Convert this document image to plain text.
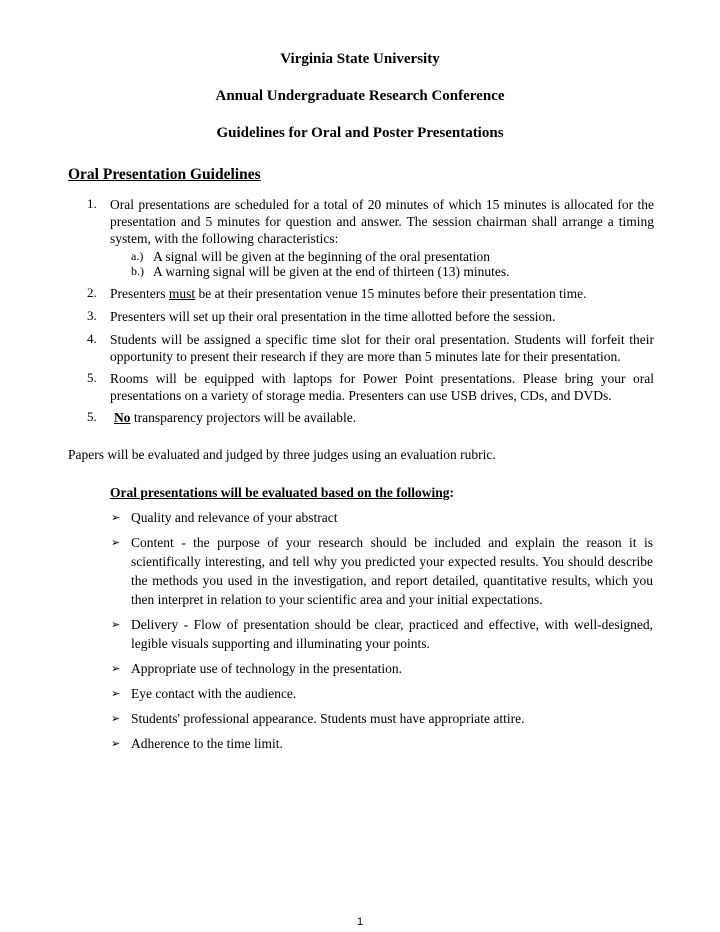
Virginia State University
Annual Undergraduate Research Conference
Guidelines for Oral and Poster Presentations
Oral Presentation Guidelines
1. Oral presentations are scheduled for a total of 20 minutes of which 15 minutes is allocated for the presentation and 5 minutes for question and answer. The session chairman shall arrange a timing system, with the following characteristics:
a.) A signal will be given at the beginning of the oral presentation
b.) A warning signal will be given at the end of thirteen (13) minutes.
2. Presenters must be at their presentation venue 15 minutes before their presentation time.
3. Presenters will set up their oral presentation in the time allotted before the session.
4. Students will be assigned a specific time slot for their oral presentation. Students will forfeit their opportunity to present their research if they are more than 5 minutes late for their presentation.
5. Rooms will be equipped with laptops for Power Point presentations. Please bring your oral presentations on a variety of storage media. Presenters can use USB drives, CDs, and DVDs.
5.	No transparency projectors will be available.
Papers will be evaluated and judged by three judges using an evaluation rubric.
Oral presentations will be evaluated based on the following:
➢ Quality and relevance of your abstract
➢ Content - the purpose of your research should be included and explain the reason it is scientifically interesting, and tell why you predicted your expected results. You should describe the methods you used in the investigation, and report detailed, quantitative results, which you then interpret in relation to your scientific area and your initial expectations.
➢ Delivery - Flow of presentation should be clear, practiced and effective, with well-designed, legible visuals supporting and illuminating your points.
➢ Appropriate use of technology in the presentation.
➢ Eye contact with the audience.
➢ Students' professional appearance. Students must have appropriate attire.
➢ Adherence to the time limit.
1
